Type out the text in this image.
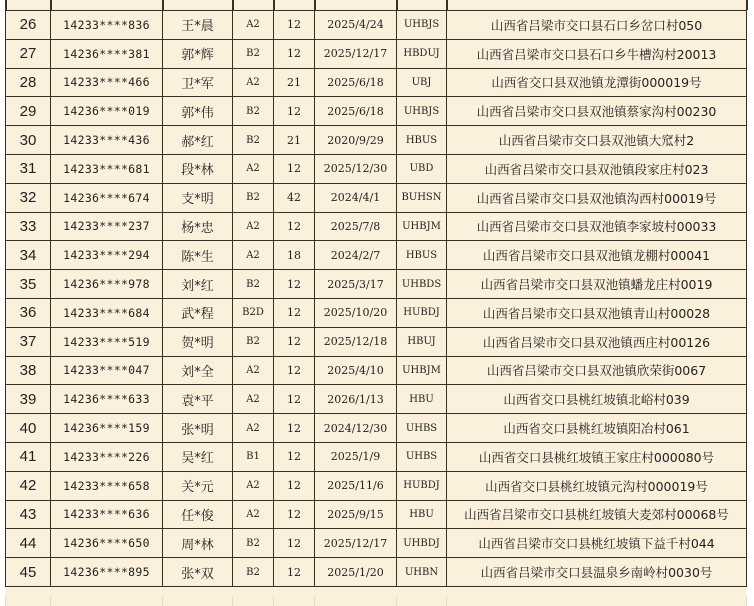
26	14233****836	王*晨	A2	12	2025/4/24	UHBJS	山西省吕梁市交口县石口乡岔口村050
27	14236****381	郭*辉	B2	12	2025/12/17	HBDUJ	山西省吕梁市交口县石口乡牛槽沟村20013
28	14233****466	卫*军	A2	21	2025/6/18	UBJ	山西省交口县双池镇龙潭街000019号
29	14236****019	郭*伟	B2	12	2025/6/18	UHBJS	山西省吕梁市交口县双池镇蔡家沟村00230
30	14233****436	郝*红	B2	21	2020/9/29	HBUS	山西省吕梁市交口县双池镇大窊村2
31	14233****681	段*林	A2	12	2025/12/30	UBD	山西省吕梁市交口县双池镇段家庄村023
32	14236****674	支*明	B2	42	2024/4/1	BUHSN	山西省吕梁市交口县双池镇沟西村00019号
33	14233****237	杨*忠	A2	12	2025/7/8	UHBJM	山西省吕梁市交口县双池镇李家坡村00033
34	14233****294	陈*生	A2	18	2024/2/7	HBUS	山西省吕梁市交口县双池镇龙棚村00041
35	14236****978	刘*红	B2	12	2025/3/17	UHBDS	山西省吕梁市交口县双池镇蟠龙庄村0019
36	14233****684	武*程	B2D	12	2025/10/20	HUBDJ	山西省吕梁市交口县双池镇青山村00028
37	14233****519	贺*明	B2	12	2025/12/18	HBUJ	山西省吕梁市交口县双池镇西庄村00126
38	14233****047	刘*全	A2	12	2025/4/10	UHBJM	山西省吕梁市交口县双池镇欣荣街0067
39	14236****633	袁*平	A2	12	2026/1/13	HBU	山西省交口县桃红坡镇北峪村039
40	14236****159	张*明	A2	12	2024/12/30	UHBS	山西省交口县桃红坡镇阳冶村061
41	14233****226	吴*红	B1	12	2025/1/9	UHBS	山西省交口县桃红坡镇王家庄村000080号
42	14233****658	关*元	A2	12	2025/11/6	HUBDJ	山西省交口县桃红坡镇元沟村000019号
43	14233****636	任*俊	A2	12	2025/9/15	HBU	山西省吕梁市交口县桃红坡镇大麦郊村00068号
44	14236****650	周*林	B2	12	2025/12/17	UHBDJ	山西省吕梁市交口县桃红坡镇下益千村044
45	14236****895	张*双	B2	12	2025/1/20	UHBN	山西省吕梁市交口县温泉乡南岭村0030号
